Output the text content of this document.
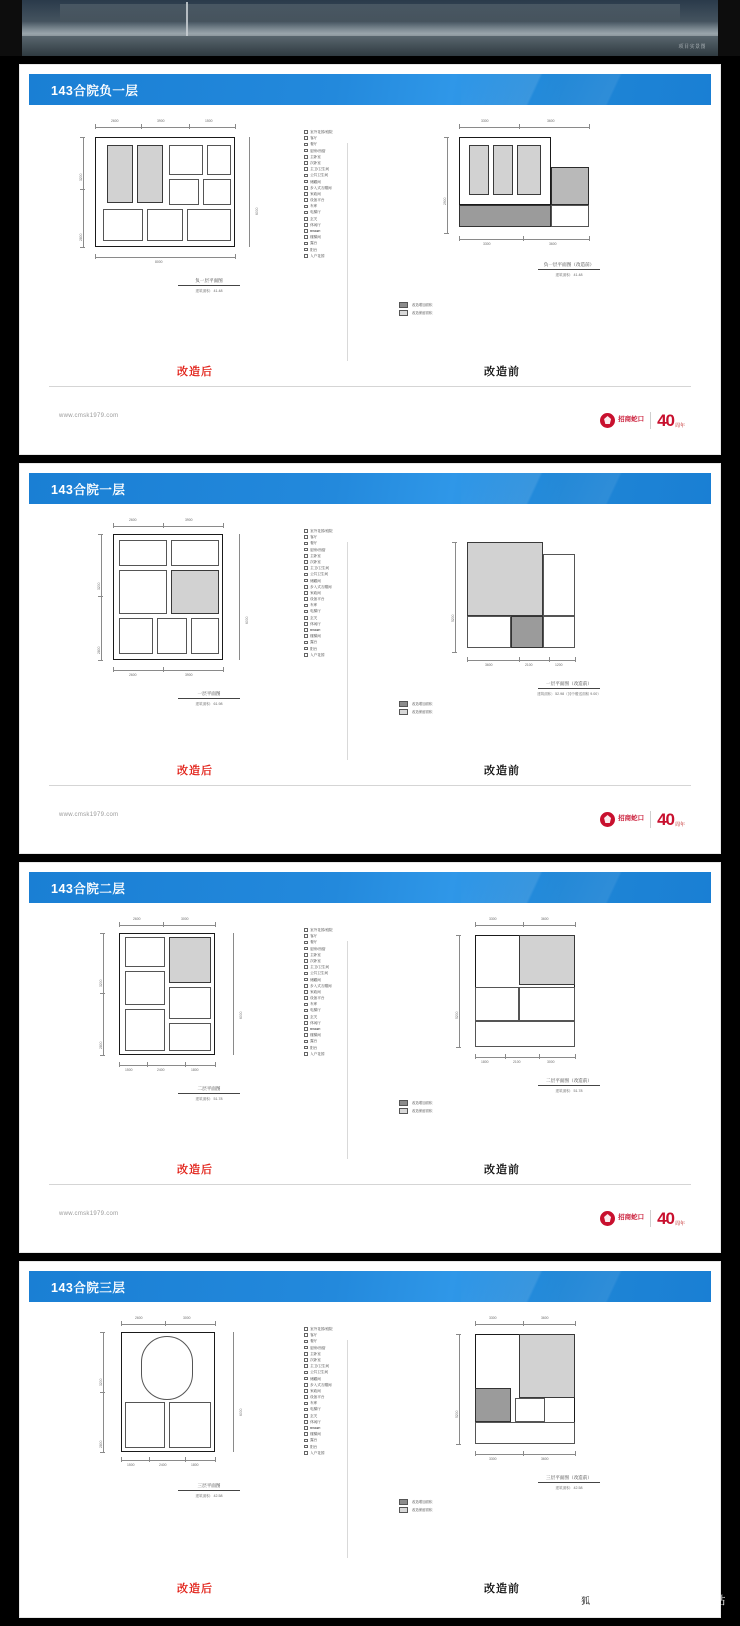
项目实景图
143合院负一层
2600	3900	1500
3200
2800
8000
6000
负一层平面图
建筑面积：41.48
室外花园/庭院
客厅
餐厅
厨房/西厨
主卧室
次卧室
主卫/卫生间
公共卫生间
储藏间
步入式衣帽间
家政间
设备平台
车库
电梯厅
玄关
休闲厅
влажн
楼梯间
露台
阳台
入户花园
3300	3600
2900
3300	3600
负一层平面图（改造前）
建筑面积：41.48
改造增加面积
改造保留面积
改造后	改造前
www.cmsk1979.com	招商蛇口 40 周年
143合院一层
2600	3900
3200
2800
2600	3900
6000
一层平面图
建筑面积：61.98
室外花园/庭院
客厅
餐厅
厨房/西厨
主卧室
次卧室
主卫/卫生间
公共卫生间
储藏间
步入式衣帽间
家政间
设备平台
车库
电梯厅
玄关
休闲厅
влажн
楼梯间
露台
阳台
入户花园
5200
3600	2100	1200
一层平面图（改造前）
建筑面积：52.98（其中赠送面积 9.00）
改造增加面积
改造保留面积
改造后	改造前
www.cmsk1979.com	招商蛇口 40 周年
143合院二层
2600	3000
3200
2800
1500	2400	1800
6000
二层平面图
建筑面积：51.78
室外花园/庭院
客厅
餐厅
厨房/西厨
主卧室
次卧室
主卫/卫生间
公共卫生间
储藏间
步入式衣帽间
家政间
设备平台
车库
电梯厅
玄关
休闲厅
влажн
楼梯间
露台
阳台
入户花园
3300	3600
5200
1800	2100	3000
二层平面图（改造前）
建筑面积：51.78
改造增加面积
改造保留面积
改造后	改造前
www.cmsk1979.com	招商蛇口 40 周年
143合院三层
2600	3000
3200
2800
1500	2400	1800
6000
三层平面图
建筑面积：42.58
室外花园/庭院
客厅
餐厅
厨房/西厨
主卧室
次卧室
主卫/卫生间
公共卫生间
储藏间
步入式衣帽间
家政间
设备平台
车库
电梯厅
玄关
休闲厅
влажн
楼梯间
露台
阳台
入户花园
3300	3600
5200
3300	3600
三层平面图（改造前）
建筑面积：42.58
改造增加面积
改造保留面积
改造后	改造前
狐 搜狐号 @搜狐焦点玉溪站
